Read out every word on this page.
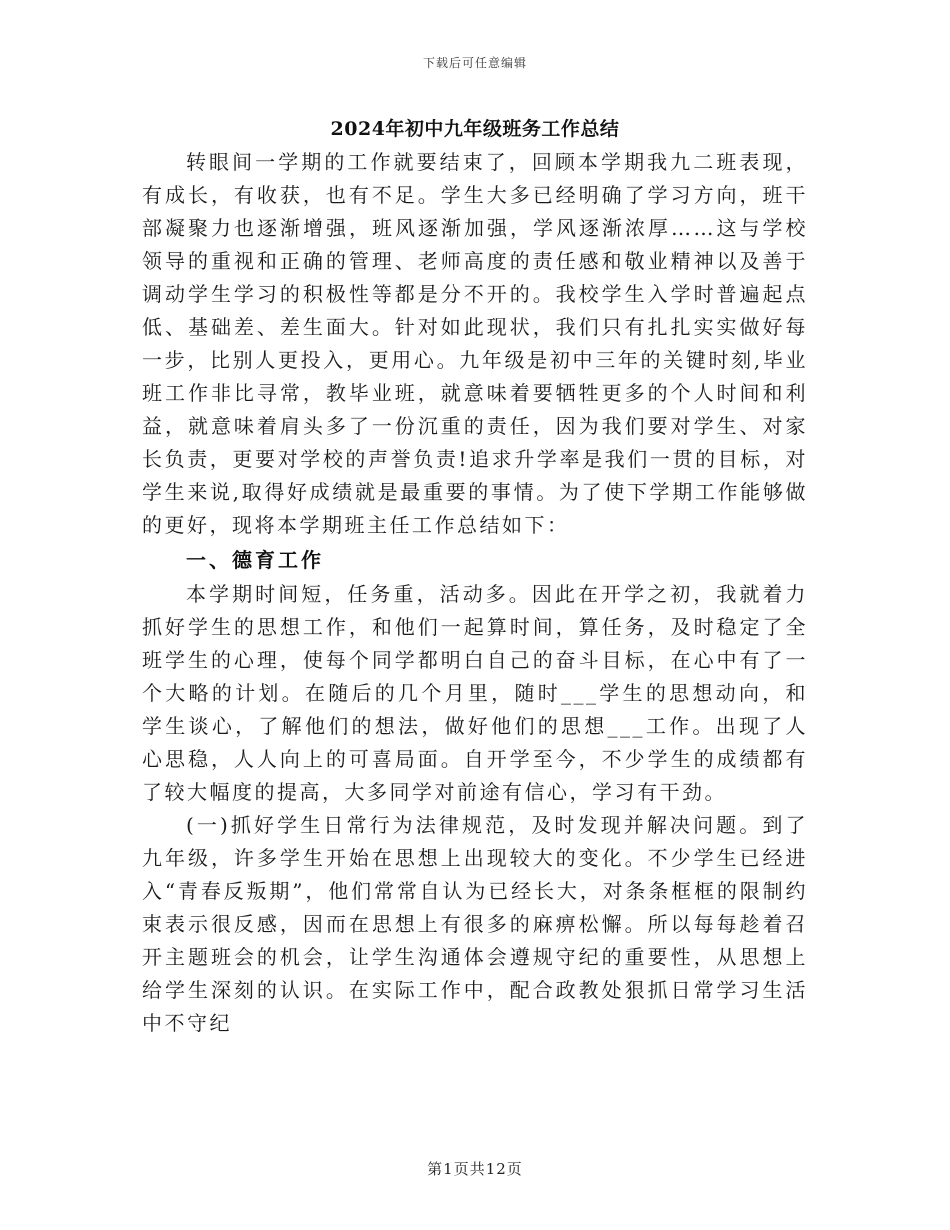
下载后可任意编辑
2024年初中九年级班务工作总结

转眼间一学期的工作就要结束了，回顾本学期我九二班表现，有成长，有收获，也有不足。学生大多已经明确了学习方向，班干部凝聚力也逐渐增强，班风逐渐加强，学风逐渐浓厚……这与学校领导的重视和正确的管理、老师高度的责任感和敬业精神以及善于调动学生学习的积极性等都是分不开的。我校学生入学时普遍起点低、基础差、差生面大。针对如此现状，我们只有扎扎实实做好每一步，比别人更投入，更用心。九年级是初中三年的关键时刻,毕业班工作非比寻常，教毕业班，就意味着要牺牲更多的个人时间和利益，就意味着肩头多了一份沉重的责任，因为我们要对学生、对家长负责，更要对学校的声誉负责!追求升学率是我们一贯的目标，对学生来说,取得好成绩就是最重要的事情。为了使下学期工作能够做的更好，现将本学期班主任工作总结如下：

一、德育工作

本学期时间短，任务重，活动多。因此在开学之初，我就着力抓好学生的思想工作，和他们一起算时间，算任务，及时稳定了全班学生的心理，使每个同学都明白自己的奋斗目标，在心中有了一个大略的计划。在随后的几个月里，随时___学生的思想动向，和学生谈心，了解他们的想法，做好他们的思想___工作。出现了人心思稳，人人向上的可喜局面。自开学至今，不少学生的成绩都有了较大幅度的提高，大多同学对前途有信心，学习有干劲。

(一)抓好学生日常行为法律规范，及时发现并解决问题。到了九年级，许多学生开始在思想上出现较大的变化。不少学生已经进入“青春反叛期”，他们常常自认为已经长大，对条条框框的限制约束表示很反感，因而在思想上有很多的麻痹松懈。所以每每趁着召开主题班会的机会，让学生沟通体会遵规守纪的重要性，从思想上给学生深刻的认识。在实际工作中，配合政教处狠抓日常学习生活中不守纪

第1页共12页
